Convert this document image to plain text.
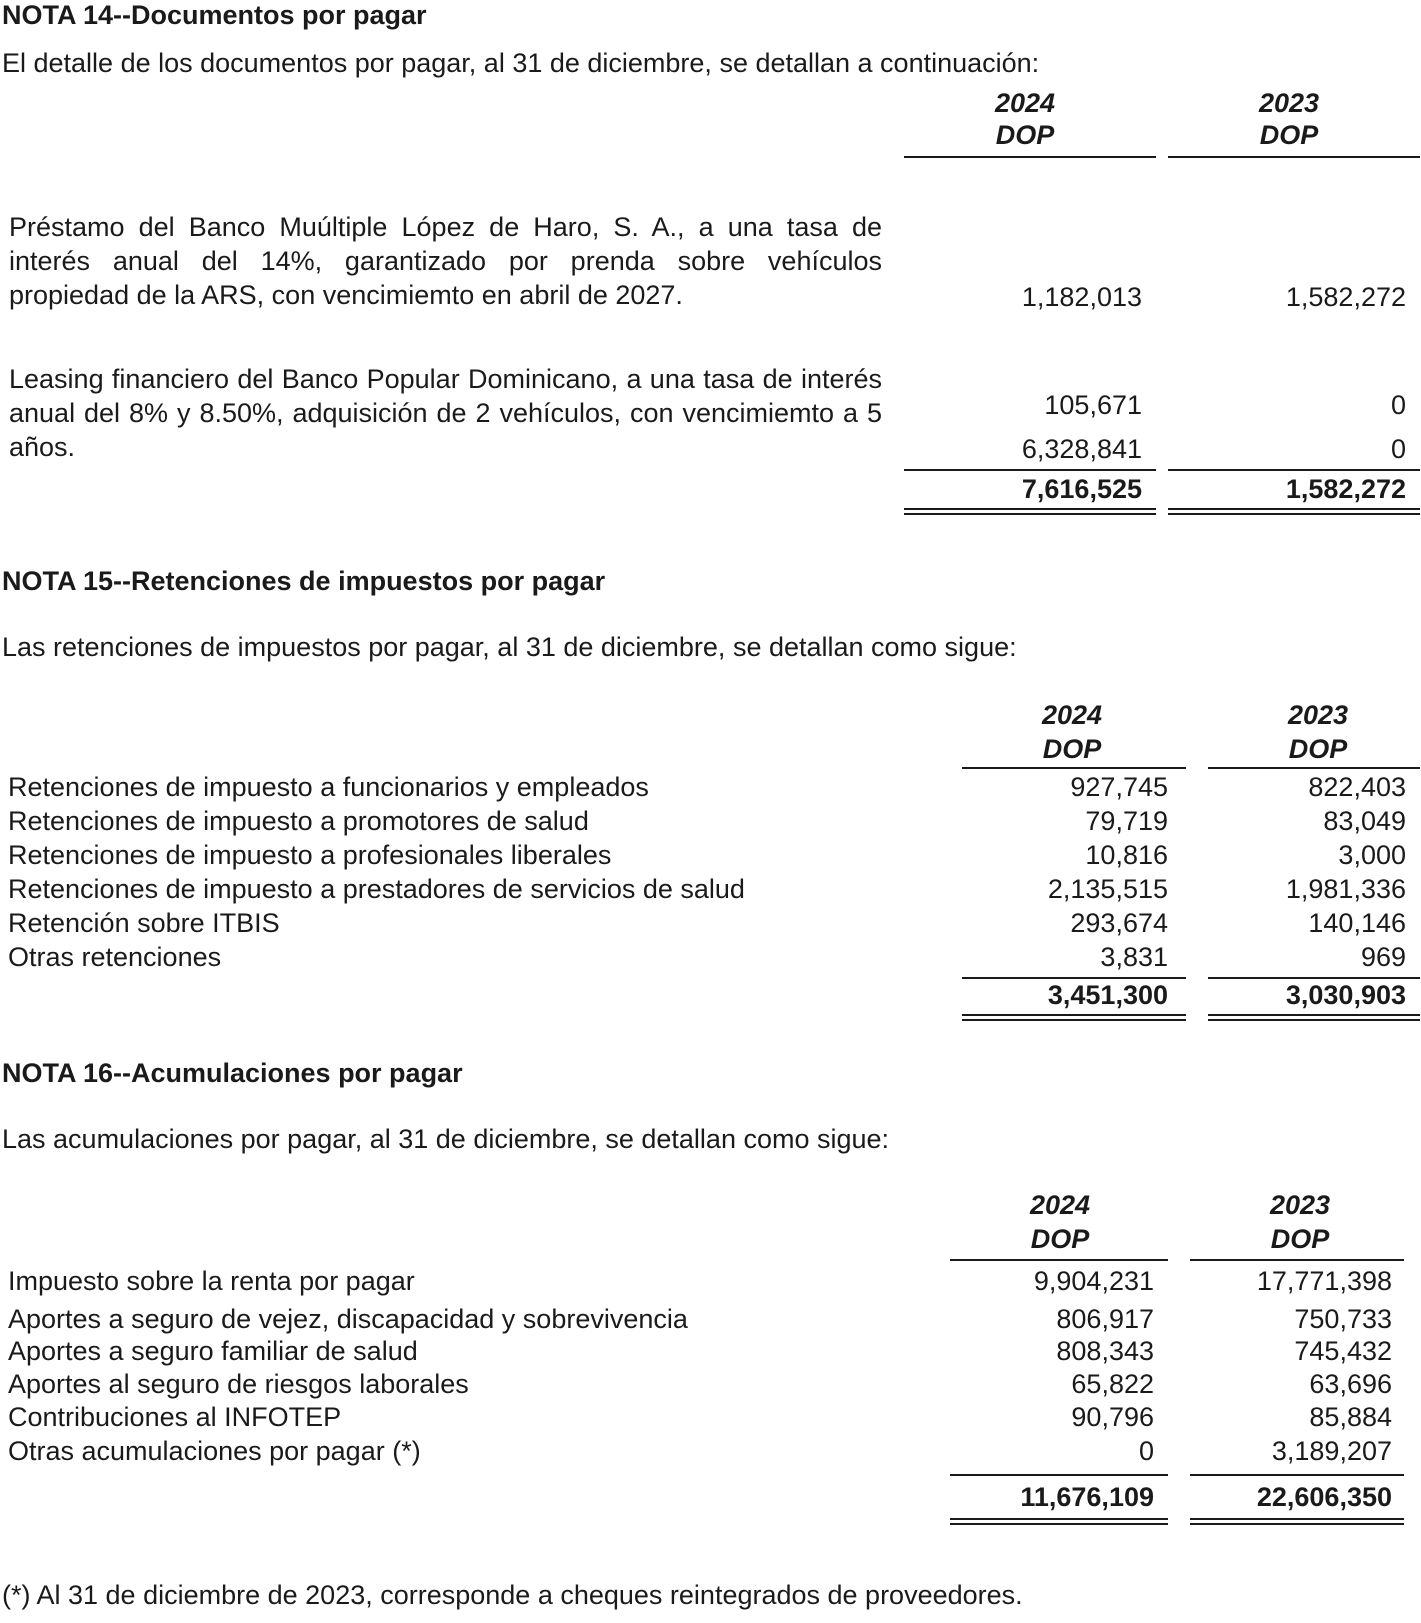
NOTA 14--Documentos por pagar
El detalle de los documentos por pagar, al 31 de diciembre, se detallan a continuación:
2024
DOP
2023
DOP
Préstamo del Banco Muúltiple López de Haro, S. A., a una tasa de interés anual del 14%, garantizado por prenda sobre vehículos propiedad de la ARS, con vencimiemto en abril de 2027.	1,182,013	1,582,272
Leasing financiero del Banco Popular Dominicano, a una tasa de interés anual del 8% y 8.50%, adquisición de 2 vehículos, con vencimiemto a 5 años.
105,671	0
6,328,841	0
7,616,525	1,582,272
NOTA 15--Retenciones de impuestos por pagar
Las retenciones de impuestos por pagar, al 31 de diciembre, se detallan como sigue:
2024
DOP
2023
DOP
Retenciones de impuesto a funcionarios y empleados	927,745	822,403
Retenciones de impuesto a promotores de salud	79,719	83,049
Retenciones de impuesto a profesionales liberales	10,816	3,000
Retenciones de impuesto a prestadores de servicios de salud	2,135,515	1,981,336
Retención sobre ITBIS	293,674	140,146
Otras retenciones	3,831	969
3,451,300	3,030,903
NOTA 16--Acumulaciones por pagar
Las acumulaciones por pagar, al 31 de diciembre, se detallan como sigue:
2024
DOP
2023
DOP
Impuesto sobre la renta por pagar	9,904,231	17,771,398
Aportes a seguro de vejez, discapacidad y sobrevivencia	806,917	750,733
Aportes a seguro familiar de salud	808,343	745,432
Aportes al seguro de riesgos laborales	65,822	63,696
Contribuciones al INFOTEP	90,796	85,884
Otras acumulaciones por pagar (*)	0	3,189,207
11,676,109	22,606,350
(*) Al 31 de diciembre de 2023, corresponde a cheques reintegrados de proveedores.
